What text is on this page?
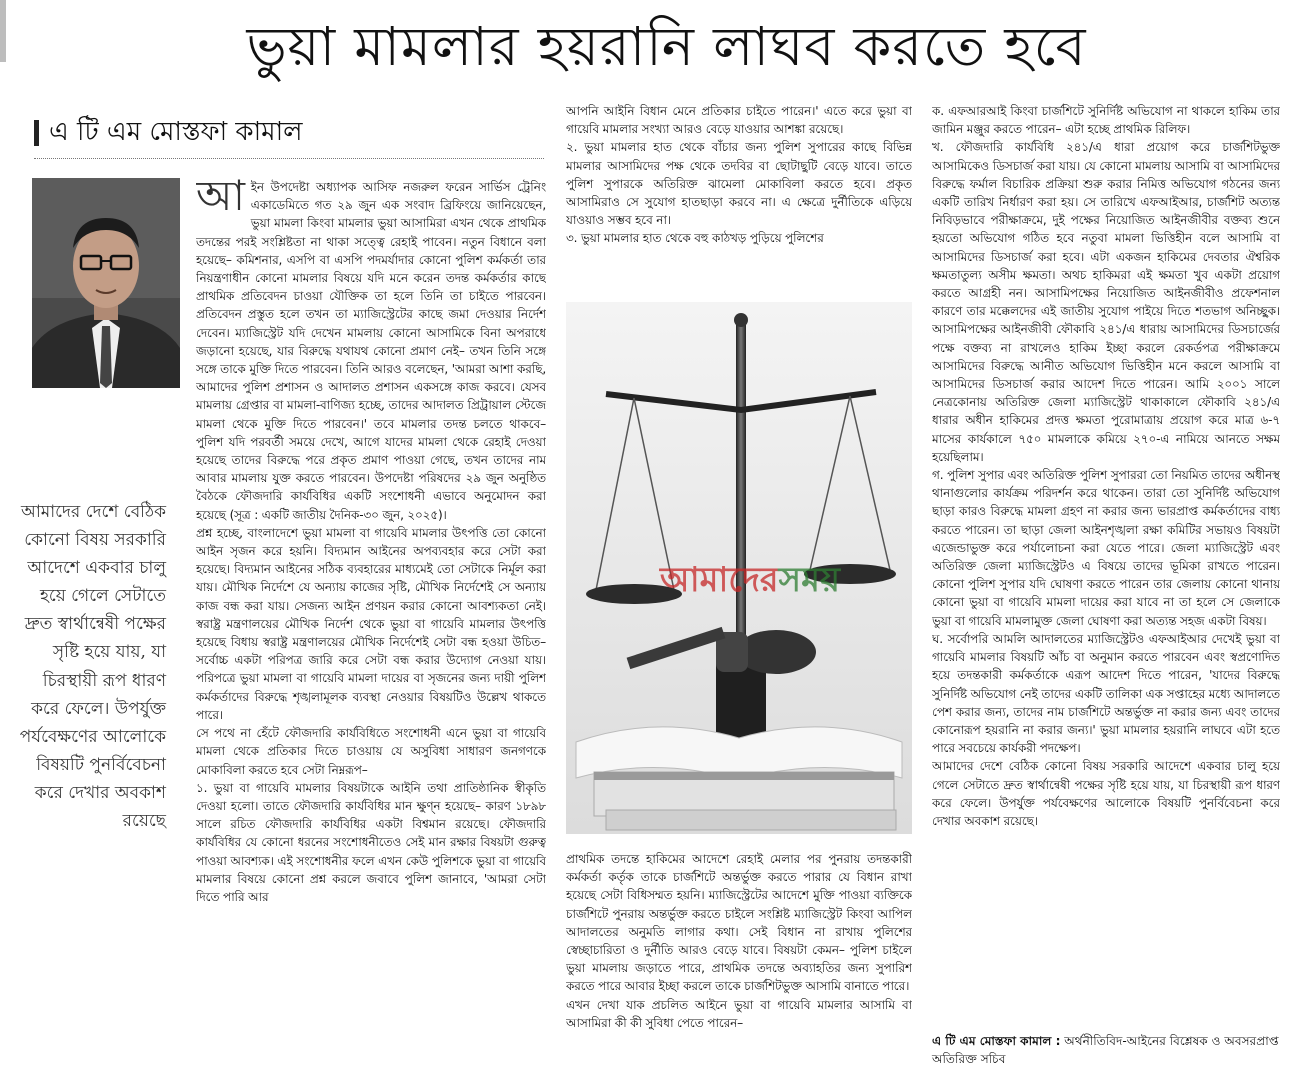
ভুয়া মামলার হয়রানি লাঘব করতে হবে
এ টি এম মোস্তফা কামাল
আমাদের দেশে বেঠিক কোনো বিষয় সরকারি আদেশে একবার চালু হয়ে গেলে সেটাতে দ্রুত স্বার্থান্বেষী পক্ষের সৃষ্টি হয়ে যায়, যা চিরস্থায়ী রূপ ধারণ করে ফেলে। উপর্যুক্ত পর্যবেক্ষণের আলোকে বিষয়টি পুনর্বিবেচনা করে দেখার অবকাশ রয়েছে

আইন উপদেষ্টা অধ্যাপক আসিফ নজরুল ফরেন সার্ভিস ট্রেনিং একাডেমিতে গত ২৯ জুন এক সংবাদ ব্রিফিংয়ে জানিয়েছেন, ভুয়া মামলা কিংবা মামলার ভুয়া আসামিরা এখন থেকে প্রাথমিক তদন্তের পরই সংশ্লিষ্টতা না থাকা সত্ত্বে রেহাই পাবেন। নতুন বিধানে বলা হয়েছে– কমিশনার, এসপি বা এসপি পদমর্যাদার কোনো পুলিশ কর্মকর্তা তার নিয়ন্ত্রণাধীন কোনো মামলার বিষয়ে যদি মনে করেন তদন্ত কর্মকর্তার কাছে প্রাথমিক প্রতিবেদন চাওয়া যৌক্তিক তা হলে তিনি তা চাইতে পারবেন। প্রতিবেদন প্রস্তুত হলে তখন তা ম্যাজিস্ট্রেটের কাছে জমা দেওয়ার নির্দেশ দেবেন। ম্যাজিস্ট্রেট যদি দেখেন মামলায় কোনো আসামিকে বিনা অপরাধে জড়ানো হয়েছে, যার বিরুদ্ধে যথাযথ কোনো প্রমাণ নেই– তখন তিনি সঙ্গে সঙ্গে তাকে মুক্তি দিতে পারবেন। তিনি আরও বলেছেন, 'আমরা আশা করছি, আমাদের পুলিশ প্রশাসন ও আদালত প্রশাসন একসঙ্গে কাজ করবে। যেসব মামলায় গ্রেপ্তার বা মামলা-বাণিজ্য হচ্ছে, তাদের আদালত প্রিট্রায়াল স্টেজে মামলা থেকে মুক্তি দিতে পারবেন।' তবে মামলার তদন্ত চলতে থাকবে– পুলিশ যদি পরবর্তী সময়ে দেখে, আগে যাদের মামলা থেকে রেহাই দেওয়া হয়েছে তাদের বিরুদ্ধে পরে প্রকৃত প্রমাণ পাওয়া গেছে, তখন তাদের নাম আবার মামলায় যুক্ত করতে পারবেন। উপদেষ্টা পরিষদের ২৯ জুন অনুষ্ঠিত বৈঠকে ফৌজদারি কার্যবিধির একটি সংশোধনী এভাবে অনুমোদন করা হয়েছে (সূত্র : একটি জাতীয় দৈনিক-৩০ জুন, ২০২৫)।

প্রশ্ন হচ্ছে, বাংলাদেশে ভুয়া মামলা বা গায়েবি মামলার উৎপত্তি তো কোনো আইন সৃজন করে হয়নি। বিদ্যমান আইনের অপব্যবহার করে সেটা করা হয়েছে। বিদ্যমান আইনের সঠিক ব্যবহারের মাধ্যমেই তো সেটাকে নির্মূল করা যায়। মৌখিক নির্দেশে যে অন্যায় কাজের সৃষ্টি, মৌখিক নির্দেশেই সে অন্যায় কাজ বন্ধ করা যায়। সেজন্য আইন প্রণয়ন করার কোনো আবশ্যকতা নেই। স্বরাষ্ট্র মন্ত্রণালয়ের মৌখিক নির্দেশ থেকে ভুয়া বা গায়েবি মামলার উৎপত্তি হয়েছে বিধায় স্বরাষ্ট্র মন্ত্রণালয়ের মৌখিক নির্দেশেই সেটা বন্ধ হওয়া উচিত– সর্বোচ্চ একটা পরিপত্র জারি করে সেটা বন্ধ করার উদ্যোগ নেওয়া যায়। পরিপত্রে ভুয়া মামলা বা গায়েবি মামলা দায়ের বা সৃজনের জন্য দায়ী পুলিশ কর্মকর্তাদের বিরুদ্ধে শৃঙ্খলামূলক ব্যবস্থা নেওয়ার বিষয়টিও উল্লেখ থাকতে পারে।

সে পথে না হেঁটে ফৌজদারি কার্যবিধিতে সংশোধনী এনে ভুয়া বা গায়েবি মামলা থেকে প্রতিকার দিতে চাওয়ায় যে অসুবিধা সাধারণ জনগণকে মোকাবিলা করতে হবে সেটা নিম্নরূপ–

১. ভুয়া বা গায়েবি মামলার বিষয়টাকে আইনি তথা প্রাতিষ্ঠানিক স্বীকৃতি দেওয়া হলো। তাতে ফৌজদারি কার্যবিধির মান ক্ষুণ্ন হয়েছে– কারণ ১৮৯৮ সালে রচিত ফৌজদারি কার্যবিধির একটা বিশ্বমান রয়েছে। ফৌজদারি কার্যবিধির যে কোনো ধরনের সংশোধনীতেও সেই মান রক্ষার বিষয়টা গুরুত্ব পাওয়া আবশ্যক। এই সংশোধনীর ফলে এখন কেউ পুলিশকে ভুয়া বা গায়েবি মামলার বিষয়ে কোনো প্রশ্ন করলে জবাবে পুলিশ জানাবে, 'আমরা সেটা দিতে পারি আর

আপনি আইনি বিধান মেনে প্রতিকার চাইতে পারেন।' এতে করে ভুয়া বা গায়েবি মামলার সংখ্যা আরও বেড়ে যাওয়ার আশঙ্কা রয়েছে।

২. ভুয়া মামলার হাত থেকে বাঁচার জন্য পুলিশ সুপারের কাছে বিভিন্ন মামলার আসামিদের পক্ষ থেকে তদবির বা ছোটাছুটি বেড়ে যাবে। তাতে পুলিশ সুপারকে অতিরিক্ত ঝামেলা মোকাবিলা করতে হবে। প্রকৃত আসামিরাও সে সুযোগ হাতছাড়া করবে না। এ ক্ষেত্রে দুর্নীতিকে এড়িয়ে যাওয়াও সম্ভব হবে না।

৩. ভুয়া মামলার হাত থেকে বহু কাঠখড় পুড়িয়ে পুলিশের

আমাদেরসময়

প্রাথমিক তদন্তে হাকিমের আদেশে রেহাই মেলার পর পুনরায় তদন্তকারী কর্মকর্তা কর্তৃক তাকে চার্জশিটে অন্তর্ভুক্ত করতে পারার যে বিধান রাখা হয়েছে সেটা বিধিসম্মত হয়নি। ম্যাজিস্ট্রেটের আদেশে মুক্তি পাওয়া ব্যক্তিকে চার্জশিটে পুনরায় অন্তর্ভুক্ত করতে চাইলে সংশ্লিষ্ট ম্যাজিস্ট্রেট কিংবা আপিল আদালতের অনুমতি লাগার কথা। সেই বিধান না রাখায় পুলিশের স্বেচ্ছাচারিতা ও দুর্নীতি আরও বেড়ে যাবে। বিষয়টা কেমন– পুলিশ চাইলে ভুয়া মামলায় জড়াতে পারে, প্রাথমিক তদন্তে অব্যাহতির জন্য সুপারিশ করতে পারে আবার ইচ্ছা করলে তাকে চার্জশিটভুক্ত আসামি বানাতে পারে।

এখন দেখা যাক প্রচলিত আইনে ভুয়া বা গায়েবি মামলার আসামি বা আসামিরা কী কী সুবিধা পেতে পারেন–

ক. এফআরআই কিংবা চার্জশিটে সুনির্দিষ্ট অভিযোগ না থাকলে হাকিম তার জামিন মঞ্জুর করতে পারেন– এটা হচ্ছে প্রাথমিক রিলিফ।

খ. ফৌজদারি কার্যবিধি ২৪১/এ ধারা প্রয়োগ করে চার্জশিটভুক্ত আসামিকেও ডিসচার্জ করা যায়। যে কোনো মামলায় আসামি বা আসামিদের বিরুদ্ধে ফর্মাল বিচারিক প্রক্রিয়া শুরু করার নিমিত্ত অভিযোগ গঠনের জন্য একটি তারিখ নির্ধারণ করা হয়। সে তারিখে এফআইআর, চার্জশিট অত্যন্ত নিবিড়ভাবে পরীক্ষাক্রমে, দুই পক্ষের নিয়োজিত আইনজীবীর বক্তব্য শুনে হয়তো অভিযোগ গঠিত হবে নতুবা মামলা ভিত্তিহীন বলে আসামি বা আসামিদের ডিসচার্জ করা হবে। এটা একজন হাকিমের দেবতার ঐশ্বরিক ক্ষমতাতুল্য অসীম ক্ষমতা। অথচ হাকিমরা এই ক্ষমতা খুব একটা প্রয়োগ করতে আগ্রহী নন। আসামিপক্ষের নিয়োজিত আইনজীবীও প্রফেশনাল কারণে তার মক্কেলদের এই জাতীয় সুযোগ পাইয়ে দিতে শতভাগ অনিচ্ছুক। আসামিপক্ষের আইনজীবী ফৌকাবি ২৪১/এ ধারায় আসামিদের ডিসচার্জের পক্ষে বক্তব্য না রাখলেও হাকিম ইচ্ছা করলে রেকর্ডপত্র পরীক্ষাক্রমে আসামিদের বিরুদ্ধে আনীত অভিযোগ ভিত্তিহীন মনে করলে আসামি বা আসামিদের ডিসচার্জ করার আদেশ দিতে পারেন। আমি ২০০১ সালে নেত্রকোনায় অতিরিক্ত জেলা ম্যাজিস্ট্রেট থাকাকালে ফৌকাবি ২৪১/এ ধারার অধীন হাকিমের প্রদত্ত ক্ষমতা পুরোমাত্রায় প্রয়োগ করে মাত্র ৬-৭ মাসের কার্যকালে ৭৫০ মামলাকে কমিয়ে ২৭০-এ নামিয়ে আনতে সক্ষম হয়েছিলাম।

গ. পুলিশ সুপার এবং অতিরিক্ত পুলিশ সুপাররা তো নিয়মিত তাদের অধীনস্থ থানাগুলোর কার্যক্রম পরিদর্শন করে থাকেন। তারা তো সুনির্দিষ্ট অভিযোগ ছাড়া কারও বিরুদ্ধে মামলা গ্রহণ না করার জন্য ভারপ্রাপ্ত কর্মকর্তাদের বাধ্য করতে পারেন। তা ছাড়া জেলা আইনশৃঙ্খলা রক্ষা কমিটির সভায়ও বিষয়টা এজেন্ডাভুক্ত করে পর্যালোচনা করা যেতে পারে। জেলা ম্যাজিস্ট্রেট এবং অতিরিক্ত জেলা ম্যাজিস্ট্রেটও এ বিষয়ে তাদের ভূমিকা রাখতে পারেন। কোনো পুলিশ সুপার যদি ঘোষণা করতে পারেন তার জেলায় কোনো থানায় কোনো ভুয়া বা গায়েবি মামলা দায়ের করা যাবে না তা হলে সে জেলাকে ভুয়া বা গায়েবি মামলামুক্ত জেলা ঘোষণা করা অত্যন্ত সহজ একটা বিষয়।

ঘ. সর্বোপরি আমলি আদালতের ম্যাজিস্ট্রেটও এফআইআর দেখেই ভুয়া বা গায়েবি মামলার বিষয়টি আঁচ বা অনুমান করতে পারবেন এবং স্বপ্রণোদিত হয়ে তদন্তকারী কর্মকর্তাকে এরূপ আদেশ দিতে পারেন, 'যাদের বিরুদ্ধে সুনির্দিষ্ট অভিযোগ নেই তাদের একটি তালিকা এক সপ্তাহের মধ্যে আদালতে পেশ করার জন্য, তাদের নাম চার্জশিটে অন্তর্ভুক্ত না করার জন্য এবং তাদের কোনোরূপ হয়রানি না করার জন্য।' ভুয়া মামলার হয়রানি লাঘবে এটা হতে পারে সবচেয়ে কার্যকরী পদক্ষেপ।

আমাদের দেশে বেঠিক কোনো বিষয় সরকারি আদেশে একবার চালু হয়ে গেলে সেটাতে দ্রুত স্বার্থান্বেষী পক্ষের সৃষ্টি হয়ে যায়, যা চিরস্থায়ী রূপ ধারণ করে ফেলে। উপর্যুক্ত পর্যবেক্ষণের আলোকে বিষয়টি পুনর্বিবেচনা করে দেখার অবকাশ রয়েছে।

এ টি এম মোস্তফা কামাল : অর্থনীতিবিদ-আইনের বিশ্লেষক ও অবসরপ্রাপ্ত অতিরিক্ত সচিব
